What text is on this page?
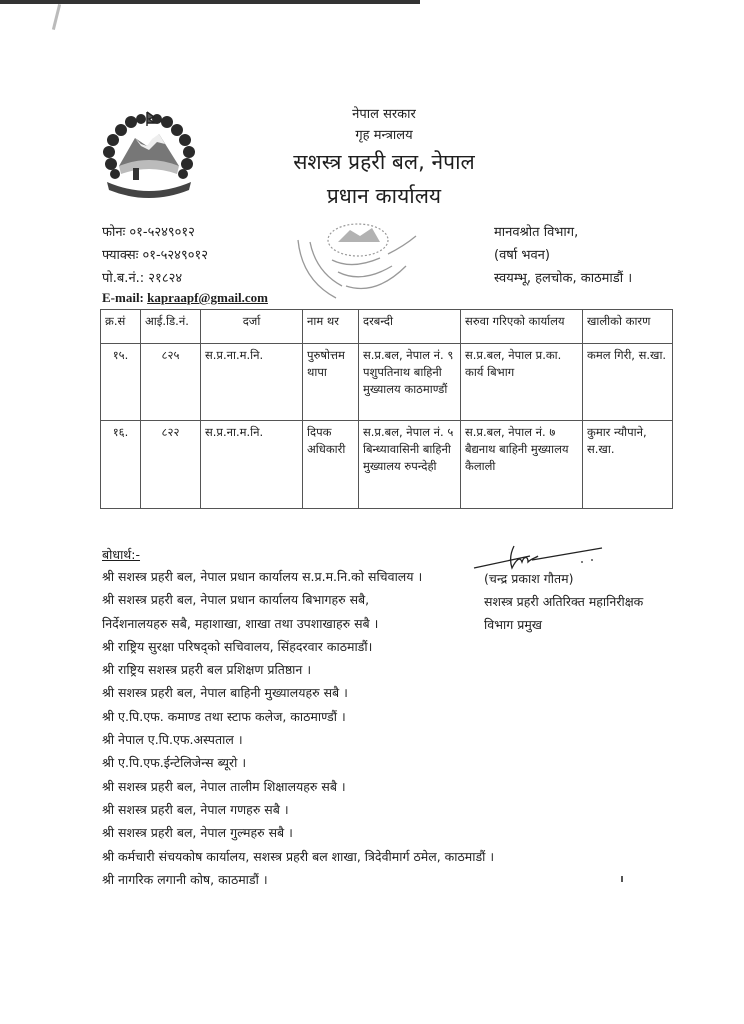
नेपाल सरकार
गृह मन्त्रालय
सशस्त्र प्रहरी बल, नेपाल
प्रधान कार्यालय
फोनः ०१-५२४९०१२
फ्याक्सः ०१-५२४९०१२
पो.ब.नं.: २१८२४
E-mail: kapraapf@gmail.com
मानवश्रोत विभाग,
(वर्षा भवन)
स्वयम्भू, हलचोक, काठमाडौं ।
क्र.सं	आई.डि.नं.	दर्जा	नाम थर	दरबन्दी	सरुवा गरिएको कार्यालय	खालीको कारण
१५.	८२५	स.प्र.ना.म.नि.	पुरुषोत्तम थापा	स.प्र.बल, नेपाल नं. ९ पशुपतिनाथ बाहिनी मुख्यालय काठमाण्डौं	स.प्र.बल, नेपाल प्र.का. कार्य बिभाग	कमल गिरी, स.खा.
१६.	८२२	स.प्र.ना.म.नि.	दिपक अधिकारी	स.प्र.बल, नेपाल नं. ५ बिन्ध्यावासिनी बाहिनी मुख्यालय रुपन्देही	स.प्र.बल, नेपाल नं. ७ बैद्यनाथ बाहिनी मुख्यालय कैलाली	कुमार न्यौपाने, स.खा.
बोधार्थ:-
श्री सशस्त्र प्रहरी बल, नेपाल प्रधान कार्यालय स.प्र.म.नि.को सचिवालय ।
श्री सशस्त्र प्रहरी बल, नेपाल प्रधान कार्यालय बिभागहरु सबै,
निर्देशनालयहरु सबै, महाशाखा, शाखा तथा उपशाखाहरु सबै ।
श्री राष्ट्रिय सुरक्षा परिषद्को सचिवालय, सिंहदरवार काठमाडौं।
श्री राष्ट्रिय सशस्त्र प्रहरी बल प्रशिक्षण प्रतिष्ठान ।
श्री सशस्त्र प्रहरी बल, नेपाल बाहिनी मुख्यालयहरु सबै ।
श्री ए.पि.एफ. कमाण्ड तथा स्टाफ कलेज, काठमाण्डौं ।
श्री नेपाल ए.पि.एफ.अस्पताल ।
श्री ए.पि.एफ.ईन्टेलिजेन्स ब्यूरो ।
श्री सशस्त्र प्रहरी बल, नेपाल तालीम शिक्षालयहरु सबै ।
श्री सशस्त्र प्रहरी बल, नेपाल गणहरु सबै ।
श्री सशस्त्र प्रहरी बल, नेपाल गुल्महरु सबै ।
श्री कर्मचारी संचयकोष कार्यालय, सशस्त्र प्रहरी बल शाखा, त्रिदेवीमार्ग ठमेल, काठमाडौं ।
श्री नागरिक लगानी कोष, काठमाडौं ।
(चन्द्र प्रकाश गौतम)
सशस्त्र प्रहरी अतिरिक्त महानिरीक्षक
विभाग प्रमुख
